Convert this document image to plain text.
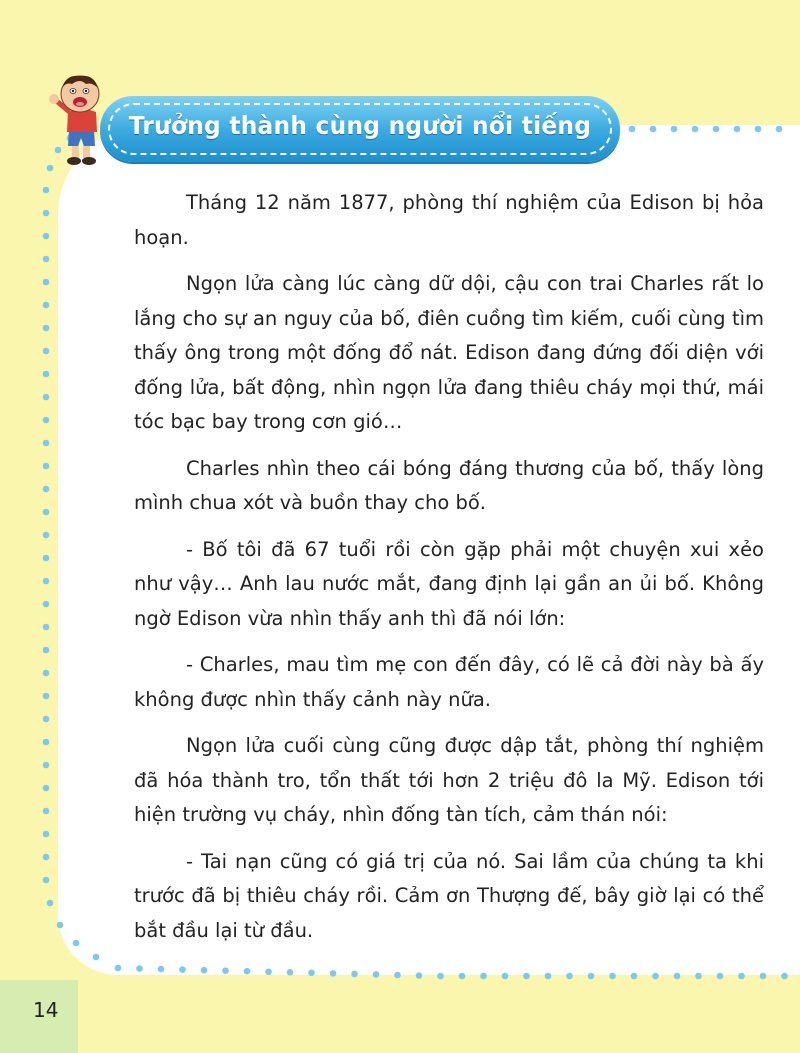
Trưởng thành cùng người nổi tiếng

Tháng 12 năm 1877, phòng thí nghiệm của Edison bị hỏa hoạn.

Ngọn lửa càng lúc càng dữ dội, cậu con trai Charles rất lo lắng cho sự an nguy của bố, điên cuồng tìm kiếm, cuối cùng tìm thấy ông trong một đống đổ nát. Edison đang đứng đối diện với đống lửa, bất động, nhìn ngọn lửa đang thiêu cháy mọi thứ, mái tóc bạc bay trong cơn gió…

Charles nhìn theo cái bóng đáng thương của bố, thấy lòng mình chua xót và buồn thay cho bố.

- Bố tôi đã 67 tuổi rồi còn gặp phải một chuyện xui xẻo như vậy… Anh lau nước mắt, đang định lại gần an ủi bố. Không ngờ Edison vừa nhìn thấy anh thì đã nói lớn:

- Charles, mau tìm mẹ con đến đây, có lẽ cả đời này bà ấy không được nhìn thấy cảnh này nữa.

Ngọn lửa cuối cùng cũng được dập tắt, phòng thí nghiệm đã hóa thành tro, tổn thất tới hơn 2 triệu đô la Mỹ. Edison tới hiện trường vụ cháy, nhìn đống tàn tích, cảm thán nói:

- Tai nạn cũng có giá trị của nó. Sai lầm của chúng ta khi trước đã bị thiêu cháy rồi. Cảm ơn Thượng đế, bây giờ lại có thể bắt đầu lại từ đầu.

14
